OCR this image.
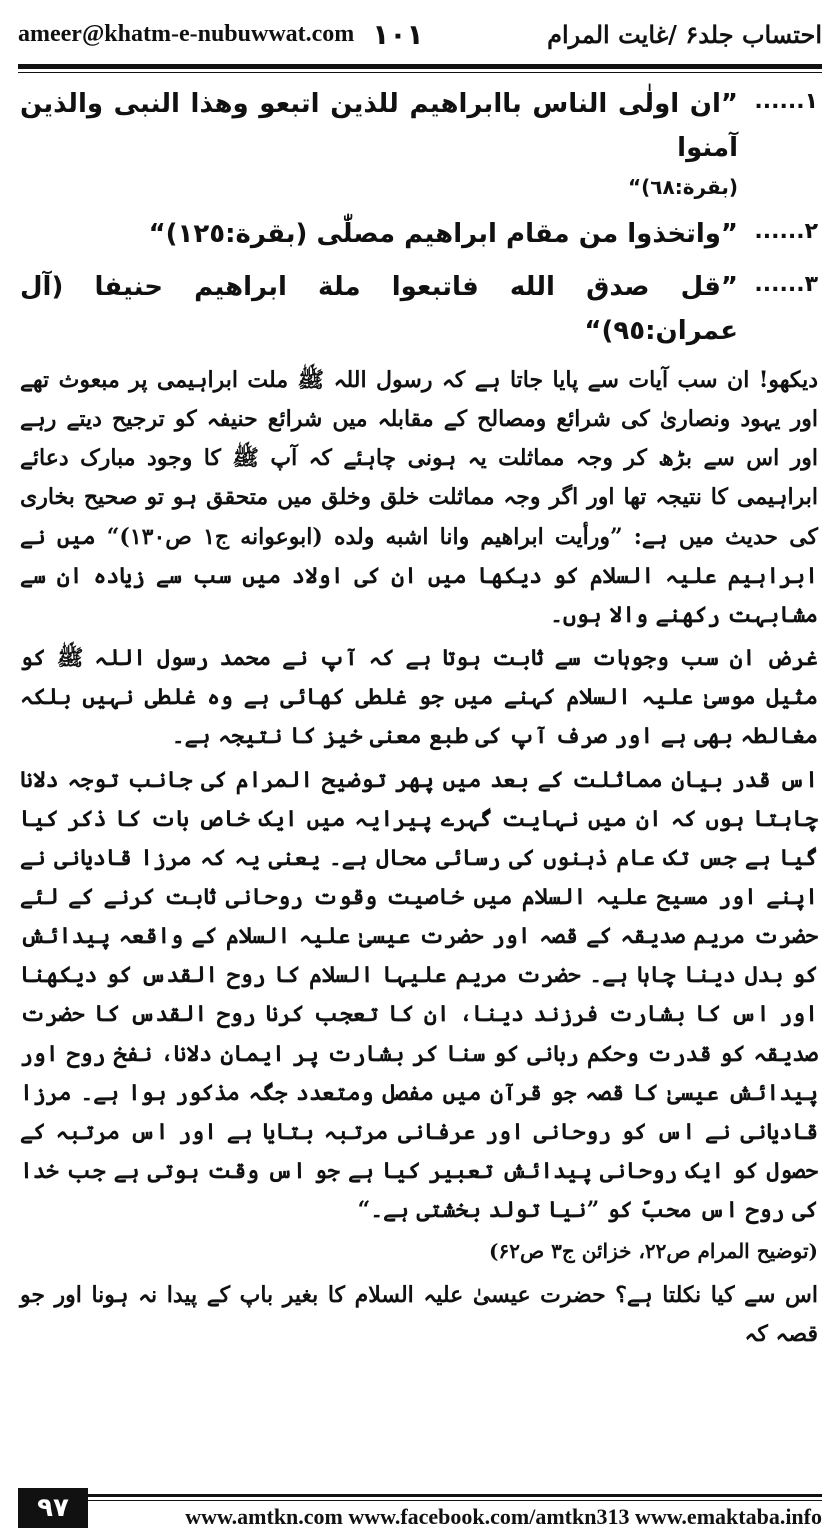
ameer@khatm-e-nubuwwat.com ۱۰۱	احتساب جلد۶ /غایت المرام
۱......
”ان اولٰی الناس باابراهیم للذین اتبعو وهذا النبی والذین آمنوا
(بقرة:٦٨)“
۲......
”واتخذوا من مقام ابراهیم مصلّٰی (بقرة:١٢٥)“
۳......
”قل صدق الله فاتبعوا ملة ابراهیم حنیفا (آل عمران:٩٥)“

دیکھو! ان سب آیات سے پایا جاتا ہے کہ رسول اللہ ﷺ ملت ابراہیمی پر مبعوث تھے اور یہود ونصاریٰ کی شرائع ومصالح کے مقابلہ میں شرائع حنیفہ کو ترجیح دیتے رہے اور اس سے بڑھ کر وجہ مماثلت یہ ہونی چاہئے کہ آپ ﷺ کا وجود مبارک دعائے ابراہیمی کا نتیجہ تھا اور اگر وجہ مماثلت خلق وخلق میں متحقق ہو تو صحیح بخاری کی حدیث میں ہے: ”ورأیت ابراهیم وانا اشبه ولده (ابوعوانه ج۱ ص۱۳۰)“ میں نے ابراہیم علیہ السلام کو دیکھا میں ان کی اولاد میں سب سے زیادہ ان سے مشابہت رکھنے والا ہوں۔

غرض ان سب وجوہات سے ثابت ہوتا ہے کہ آپ نے محمد رسول اللہ ﷺ کو مثیل موسیٰ علیہ السلام کہنے میں جو غلطی کھائی ہے وہ غلطی نہیں بلکہ مغالطہ بھی ہے اور صرف آپ کی طبع معنی خیز کا نتیجہ ہے۔

اس قدر بیان مماثلت کے بعد میں پھر توضیح المرام کی جانب توجہ دلانا چاہتا ہوں کہ ان میں نہایت گہرے پیرایہ میں ایک خاص بات کا ذکر کیا گیا ہے جس تک عام ذہنوں کی رسائی محال ہے۔ یعنی یہ کہ مرزا قادیانی نے اپنے اور مسیح علیہ السلام میں خاصیت وقوت روحانی ثابت کرنے کے لئے حضرت مریم صدیقہ کے قصہ اور حضرت عیسیٰ علیہ السلام کے واقعہ پیدائش کو بدل دینا چاہا ہے۔ حضرت مریم علیہا السلام کا روح القدس کو دیکھنا اور اس کا بشارت فرزند دینا، ان کا تعجب کرنا روح القدس کا حضرت صدیقہ کو قدرت وحکم ربانی کو سنا کر بشارت پر ایمان دلانا، نفخ روح اور پیدائش عیسیٰ کا قصہ جو قرآن میں مفصل ومتعدد جگہ مذکور ہوا ہے۔ مرزا قادیانی نے اس کو روحانی اور عرفانی مرتبہ بتایا ہے اور اس مرتبہ کے حصول کو ایک روحانی پیدائش تعبیر کیا ہے جو اس وقت ہوتی ہے جب خدا کی روح اس محبّ کو ”نیا تولد بخشتی ہے۔“

(توضیح المرام ص۲۲، خزائن ج۳ ص۶۲)

اس سے کیا نکلتا ہے؟ حضرت عیسیٰ علیہ السلام کا بغیر باپ کے پیدا نہ ہونا اور جو قصہ کہ

۹۷	www.amtkn.com www.facebook.com/amtkn313 www.emaktaba.info
